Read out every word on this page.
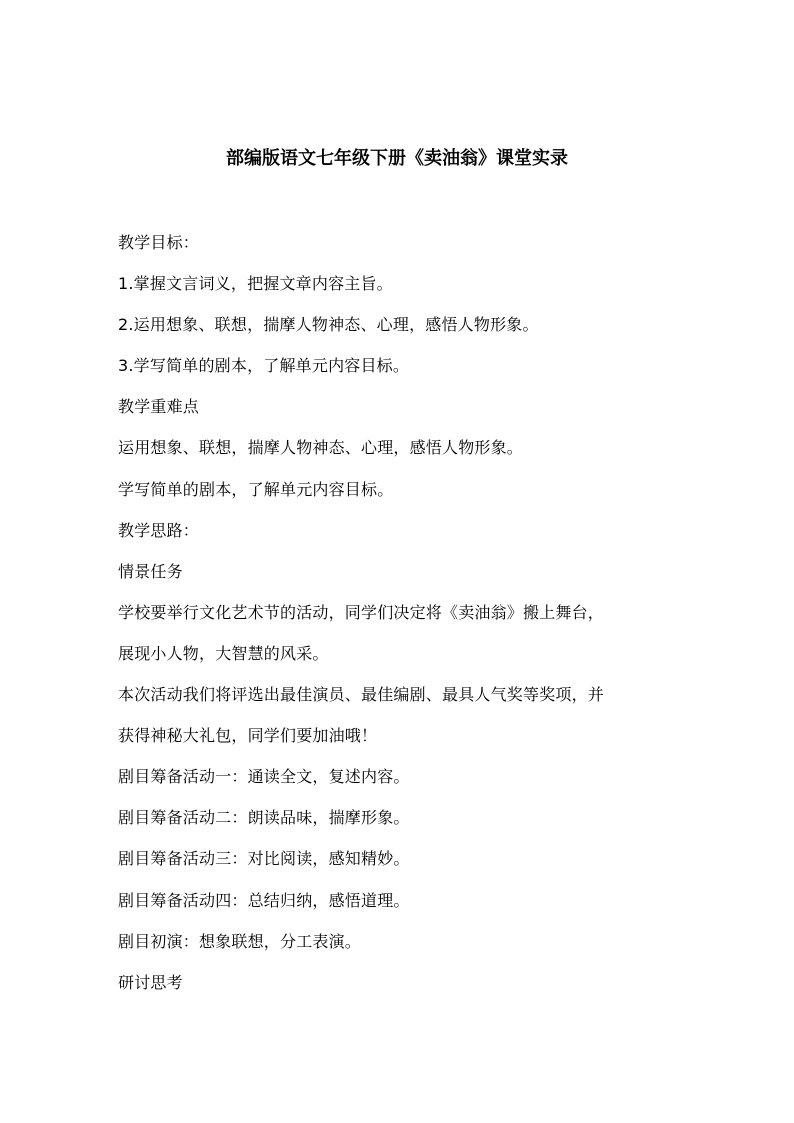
部编版语文七年级下册《卖油翁》课堂实录
教学目标：
1.掌握文言词义，把握文章内容主旨。
2.运用想象、联想，揣摩人物神态、心理，感悟人物形象。
3.学写简单的剧本，了解单元内容目标。
教学重难点
运用想象、联想，揣摩人物神态、心理，感悟人物形象。
学写简单的剧本，了解单元内容目标。
教学思路：
情景任务
学校要举行文化艺术节的活动，同学们决定将《卖油翁》搬上舞台，
展现小人物，大智慧的风采。
本次活动我们将评选出最佳演员、最佳编剧、最具人气奖等奖项，并
获得神秘大礼包，同学们要加油哦！
剧目筹备活动一：通读全文，复述内容。
剧目筹备活动二：朗读品味，揣摩形象。
剧目筹备活动三：对比阅读，感知精妙。
剧目筹备活动四：总结归纳，感悟道理。
剧目初演：想象联想，分工表演。
研讨思考
